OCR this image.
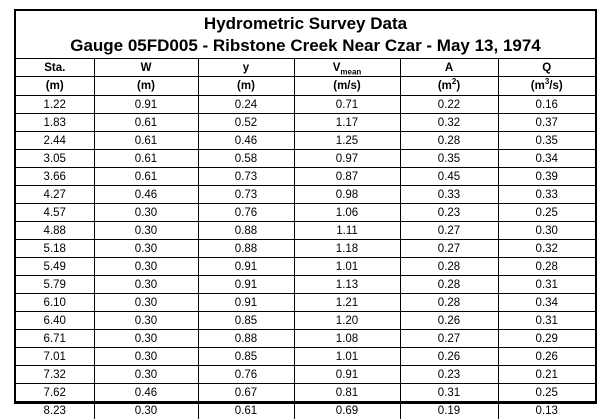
Hydrometric Survey Data
Gauge 05FD005 - Ribstone Creek Near Czar - May 13, 1974
Sta.	W	y	$V_{mean}$	A	Q
(m)	(m)	(m)	(m/s)	$(m^2)$	$(m^3/s)$
1.22	0.91	0.24	0.71	0.22	0.16
1.83	0.61	0.52	1.17	0.32	0.37
2.44	0.61	0.46	1.25	0.28	0.35
3.05	0.61	0.58	0.97	0.35	0.34
3.66	0.61	0.73	0.87	0.45	0.39
4.27	0.46	0.73	0.98	0.33	0.33
4.57	0.30	0.76	1.06	0.23	0.25
4.88	0.30	0.88	1.11	0.27	0.30
5.18	0.30	0.88	1.18	0.27	0.32
5.49	0.30	0.91	1.01	0.28	0.28
5.79	0.30	0.91	1.13	0.28	0.31
6.10	0.30	0.91	1.21	0.28	0.34
6.40	0.30	0.85	1.20	0.26	0.31
6.71	0.30	0.88	1.08	0.27	0.29
7.01	0.30	0.85	1.01	0.26	0.26
7.32	0.30	0.76	0.91	0.23	0.21
7.62	0.46	0.67	0.81	0.31	0.25
8.23	0.30	0.61	0.69	0.19	0.13
